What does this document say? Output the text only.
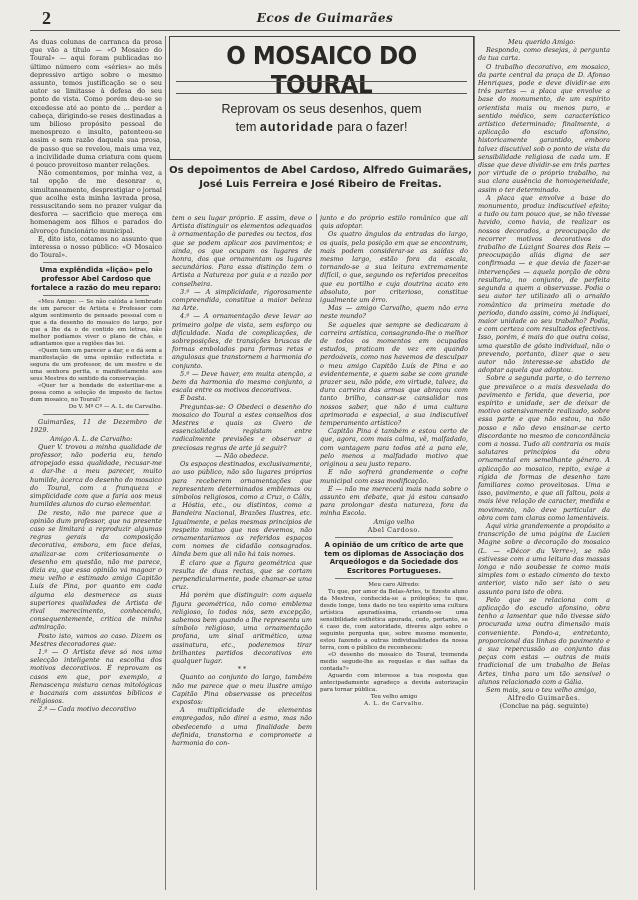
2	Ecos de Guimarães

As duas colunas de carranca da prosa que vão a título — «O Mosaico do Toural» — aqui foram publicadas no último número com «séries» ao mês depressivo artigo sobre o mesmo assunto, temos justificação se o seu autor se limitasse à defesa do seu ponto de vista. Como porém deu-se se excedesse até ao ponto de ... perder a cabeça, dirigindo-se reses destinadas a um bilioso propósito pessoal de menosprezo e insulto, patenteou-se assim e sem razão daquela sua prosa, de passo que se revelou, mais uma vez, a incivilidade duma criatura com quem é pouco proveitoso manter relações.

Não comentemos, por minha vez, a tal opção de me desonrar e, simultaneamente, desprestigiar o jornal que acolhe esta minha lavrada prosa, ressuscitando sem no prazer vulgar da desforra — sacrificio que mereça em homenagem aos filhos e parados do alvoroço funcionário municipal.

E, dito isto, cotamos no assunto que interessa o nosso público: «O Mosaico do Toural».

Uma explêndida «lição» pelo professor Abel Cardoso que fortalece a razão do meu reparo:

«Meu Amigo: — Se não calúda a lembrado de um parecer de Artista e Professor com algum sentimento de pensado pessoal com o que a da desenho do mosaico do largo, por que a lhe da o de contido em letras, não melhor podíamos viver o plano de chás, e adiantamos que a regiões das lei.

«Quem tem um parecer a dar, e o dá sem a manifestação de uma opinião reflectida e segura de um professor, de um mestre e de uma senhora perita, e manifestamente aos seus Mestres do sentido da conservação.

«Quer ter a bondade de esteriliar-me a possa como a solução de imposto de factos dum mosaico, no Toural?

Do V. Mº Cº — A. L. de Carvalho.

Guimarães, 11 de Dezembro de 1929.

Amigo A. L. de Carvalho:

Quer V. trovou a minha qualidade de professor, não poderia eu, tendo atropejado essa qualidade, recusar-me a dar-lhe a meu parecer, muito humilde, àcerca do desenho do mosaico do Toural, com a franqueza e simplicidade com que a faria aos meus humildes alunos do curso elementar.

De resto, não me parece que a opinião dum professor, que na presente caso se limitará a reproduzir algumas regras gerais da composição decorativa, embora, em face delas, analizar-se com criteriosamente o desenho em questão, não me parece, dizia eu, que essa opinião vá magoar o meu velho e estimado amigo Capitão Luís de Pina, por quanto em cada alguma ela desmerece as suas superiores qualidades de Artista de rival merecimento, conhecendo, consequentemente, critica de minha admiração.

Posto isto, vamos ao caso. Dizem os Mestres decoradores que:

1.º — O Artista deve só nos uma selecção inteligente na escolha dos motivos decorativos. É reprovam os casos em que, por exemplo, a Renascença mistura cenas mitológicas e bacanais com assuntos bíblicos e religiosos.

2.º — Cada motivo decorativo

O MOSAICO DO TOURAL
Reprovam os seus desenhos, quem
tem autoridade para o fazer!
Os depoimentos de Abel Cardoso, Alfredo Guimarães, José Luis Ferreira e José Ribeiro de Freitas.

tem o seu lugar próprio. E assim, deve o Artista distinguir os elementos adequados à ornamentação de paredes ou tectos, dos que se podem aplicar aos pavimentos; e ainda, os que ocupam os lugares de honra, dos que ornamentam os lugares secundários. Para essa distinção tem o Artista a Natureza por guia e a razão por conselheira.

3.º — A simplicidade, rigorosamente compreendida, constitue a maior beleza na Arte.

4.º — A ornamentação deve levar ao primeiro golpe de vista, sem esforço ou dificuldade. Nada de complicações, de sobreposições, de transições bruscas de formas embolados para formas retas e angulosas que transtornem a harmonia do conjunto.

5.º — Deve haver, em muita atenção, a bem da harmonia do mesmo conjunto, a escala entre os motivos decorativos.

É basta.

Preguntas-se: O Obedeci o desenho do mosaico do Toural a estes conselhos dos Mestres e quais as Gvero de essencialidade registam entre radicalmente previsões e observar a preciosas regras de arte já seguir?

— Não obedece.

Os espaços destinados, exclusivamente, ao uso público, não são lugares próprios para receberem ornamentações que representem determinados emblemas ou símbolos religiosos, como a Cruz, o Cálix, a Hóstia, etc., ou distintos, como a Bandeira Nacional, Brazões Ilustres, etc. Igualmente, e pelas mesmas princípios de respeito mútuo que nos devemos, não ornamentariamos os referidos espaços com nomes de cidadão consagrados. Ainda bem que ali não há tais nomes.

É claro que a figura geométrica que resulta de duas rectas, que se cortam perpendicularmente, pode chamar-se uma cruz.

Há porém que distinguir: com aquela figura geométrica, não como emblema religioso, lo todos nós, sem excepção, sabemos bem quando a lhe representa um símbolo religioso, uma ornamentação profana, um sinal aritmético, uma assinatura, etc., poderemos tirar brilhantes partidos decorativos em qualquer lugar.

* *

Quanto ao conjunto do largo, também não me parece que o meu ilustre amigo Capitão Pina observasse os preceitos expostos:

A multiplicidade de elementos empregados, não direi a esmo, mas não obedecendo a uma finalidade bem definida, transtorna e compromete a harmonia do con-

junto e do próprio estilo românico que ali quis adoptar.

Os quatro ângulos da entradas do largo, os quais, pela posição em que se encontram, mais podem considerar-se as saídas do mesmo largo, estão fora da escala, tornando-se a sua leitura extremamente difícil, o que, segundo os referidos preceitos que eu portilho e cuja doutrina acato em absoluto, por criterioso, constitue igualmente um êrro.

Mas — amigo Carvalho, quem não erra neste mundo?

Se aqueles que sempre se dedicaram à carreira artística, consagrando-lhe o melhor de todos os momentos em ocupados estudos, praticam de vez em quando perdoáveis, como nos havemos de desculpar o meu amigo Capitão Luís de Pina e ao evidentemente, e quem sabe se com grande prazer seu, não pôde, em virtude, talvez, da dura carreira das armas que abraçou com tanto brilho, cansar-se cansalidar nos nossos saber, que não é uma cultura aprimorada e especial, a sua indiscutível temperamento artístico?

Capitão Pina é também e estou certo de que, agora, com mais calma, vê, malfadado, com vantagem para todos até a para ele, pelo menos a malfadado motivo que originou a seu justo reparo.

E não sofrerá grandemente o cofre municipal com essa modificação.

É — não me merecerá mais nada sobre o assunto em debate, que já estou cansado para prolongar desta natureza, fora da minha Escola.

Amigo velho

Abel Cardoso.

A opinião de um crítico de arte que tem os diplomas de Associação dos Arqueólogos e da Sociedade dos Escritores Portugueses.

Meu caro Alfredo:

Tu que, por amor da Belas-Artes, te fizeste aluno da Mestres, conhecida-se a prólegões; tu que, desde longe, tens dado no teu espírito uma cultura artística apuradíssima, criando-se uma sensibilidade esthética apurada, cedo, portanto, se é caso de, com autoridade, diveres algo sobre o seguinte pergunta que, sobre mesmo momento, estou fazendo a outras individualidades da nossa terra, com o público de reconheceu:

«O desenho do mosaico do Toural, tremenda medio segude-lhe as requelas e das saltas da contada?»

Aguardo com interesse a tua resposta que antecipadamente agradeço a devida autorização para tornar pública.

Teu velho amigo

A. L. de Carvalho.

Meu querido Amigo:

Respondo, como desejas, à pergunta da tua carta.

O trabalho decorativo, em mosaico, da parte central da praça de D. Afonso Henriques, pode e deve dividir-se em três partes — a placa que envolve a base do monumento, de um espírito orientista mais ou menos puro, e sentido médico, sem característico artístico determinado; finalmente, a aplicação do escudo afonsino, historicamente garantido, embora talvez discutível sob o ponto de vista da sensibilidade religiosa de cada um. E disse que deve dividir-se em três partes por virtude de o próprio trabalho, na sua clara ausência de homogeneidade, assim o ter determinado.

A placa que envolve a base do monumento, produz indiscutível efeito; a tudo ou tam pouco que, se não tivesse havido, como havia, de realizar os nossos decorados, a preocupação de recorrer motivos decorativos do trabalho de Lúzignt Soares dos Reis — preocupação aliás digna de ser confirmada — e que devia de fazer-se intervenções — aquela porção de obra resultaria, no conjunto, de perfeita segunda a quem a observasse. Podia o seu autor ter utilizado ali o arnaldo romântico da primeira metade do período, dando assim, como já indiquei, maior unidade ao seu trabalho? Podia, e com certeza com resultados efectivos. Isso, porém, é mais do que outra coisa, uma questão de gôsto individual, não o prevendo, portanto, dizer que o seu autor não interesse-se abstido de adoptar aquela que adoptou.

Sobre a segunda parte, o do terreno que prevalece o a mais desvelada do pavimento e ferida, que deveria, por espírito e unidade, ser de deixar de motivo ostensivamente realizado, sobre essa parte e que não estou, na não posso e não devo ensinar-se certo discordante no mesmo de concordância com a nossa. Tudo ali contraria os mais salutares princípios da obra ornamental em semelhante gênero. A aplicação ao mosaico, repito, exige a rígida de formas de desenho tam familiares como proveitosas. Uma e isso, pavimento, e que ali faltou, pois a mais léve relação de caracter, medida e movimento, não deve particular da obra com tam claras como lamentáveis.

Aqui viria grandemente a propósito a transcrição de uma página de Lucien Magne sobre a decoração do mosaico (L. — «Décor du Verre»), se não estivesse com a uma leitura das massas longa e não soubesse te como mais simples tom o estado cimento do texto anterior, visto não ser isto o seu assunto para isto de obra.

Pelo que se relaciona com a aplicação do escudo afonsino, obra tenho a lamentar que não tivesse sido procurada uma outra dimensão mais conveniente. Pondo-a, entretanto, proporcional das linhas do pavimento e a sua repercussão ao conjunto das peças com estas — outras de mais tradicional de um trabalho de Belas Artes, tinha para um tão sensível o alunos relacionado com a Gália.

Sem mais, sou o teu velho amigo,

Alfredo Guimarães.

(Conclue na pág. seguinte)
